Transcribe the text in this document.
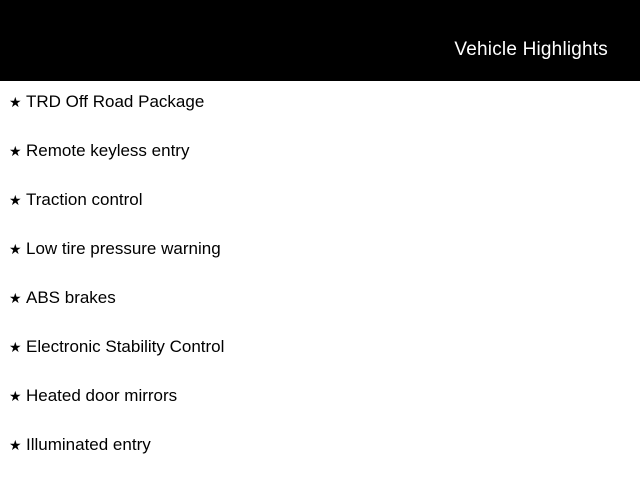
Vehicle Highlights
★ TRD Off Road Package
★ Remote keyless entry
★ Traction control
★ Low tire pressure warning
★ ABS brakes
★ Electronic Stability Control
★ Heated door mirrors
★ Illuminated entry
